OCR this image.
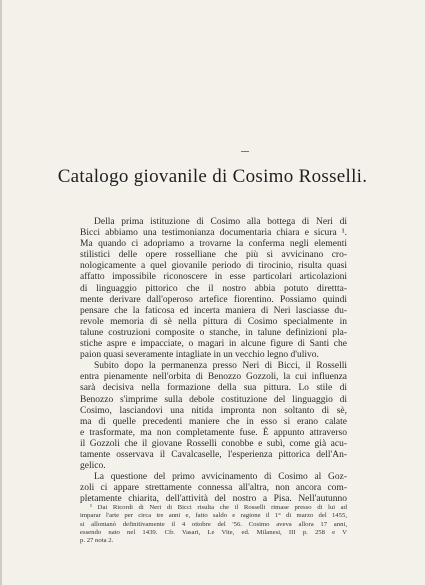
Catalogo giovanile di Cosimo Rosselli.
Della prima istituzione di Cosimo alla bottega di Neri di
Bicci abbiamo una testimonianza documentaria chiara e sicura ¹.
Ma quando ci adopriamo a trovarne la conferma negli elementi
stilistici delle opere rosselliane che più si avvicinano cro-
nologicamente a quel giovanile periodo di tirocinio, risulta quasi
affatto impossibile riconoscere in esse particolari articolazioni
di linguaggio pittorico che il nostro abbia potuto direttta-
mente derivare dall'operoso artefice fiorentino. Possiamo quindi
pensare che la faticosa ed incerta maniera di Neri lasciasse du-
revole memoria di sè nella pittura di Cosimo specialmente in
talune costruzioni composite o stanche, in talune definizioni pla-
stiche aspre e impacciate, o magari in alcune figure di Santi che
paion quasi severamente intagliate in un vecchio legno d'ulivo.
Subito dopo la permanenza presso Neri di Bicci, il Rosselli
entra pienamente nell'orbita di Benozzo Gozzoli, la cui influenza
sarà decisiva nella formazione della sua pittura. Lo stile di
Benozzo s'imprime sulla debole costituzione del linguaggio di
Cosimo, lasciandovi una nitida impronta non soltanto di sè,
ma di quelle precedenti maniere che in esso si erano calate
e trasformate, ma non completamente fuse. È appunto attraverso
il Gozzoli che il giovane Rosselli conobbe e subì, come già acu-
tamente osservava il Cavalcaselle, l'esperienza pittorica dell'An-
gelico.
La questione del primo avvicinamento di Cosimo al Goz-
zoli ci appare strettamente connessa all'altra, non ancora com-
pletamente chiarita, dell'attività del nostro a Pisa. Nell'autunno
¹ Dai Ricordi di Neri di Bicci risulta che il Rosselli rimase presso di lui ad
imparar l'arte per circa tre anni e, fatto saldo e ragione il 1° di marzo del 1455,
si allontanò definitivamente il 4 ottobre del '56. Cosimo aveva allora 17 anni,
essendo nato nel 1439. Cfr. Vasari, Le Vite, ed. Milanesi, III p. 258 e V
p. 27 nota 2.
